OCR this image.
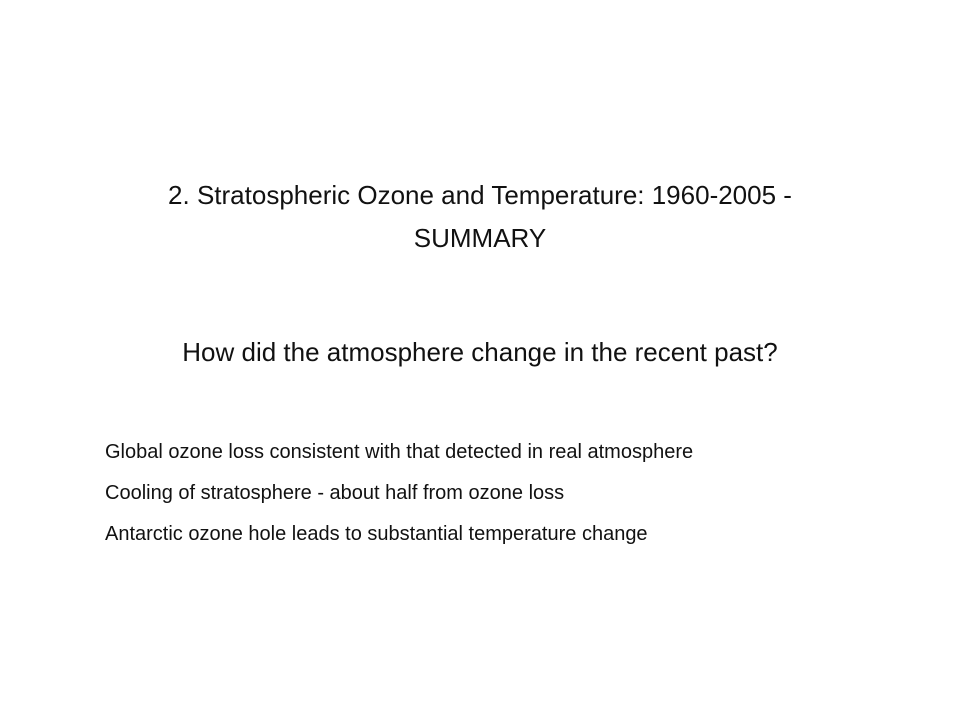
2. Stratospheric Ozone and Temperature: 1960-2005 - SUMMARY

How did the atmosphere change in the recent past?

Global ozone loss consistent with that detected in real atmosphere
Cooling of stratosphere - about half from ozone loss
Antarctic ozone hole leads to substantial temperature change
